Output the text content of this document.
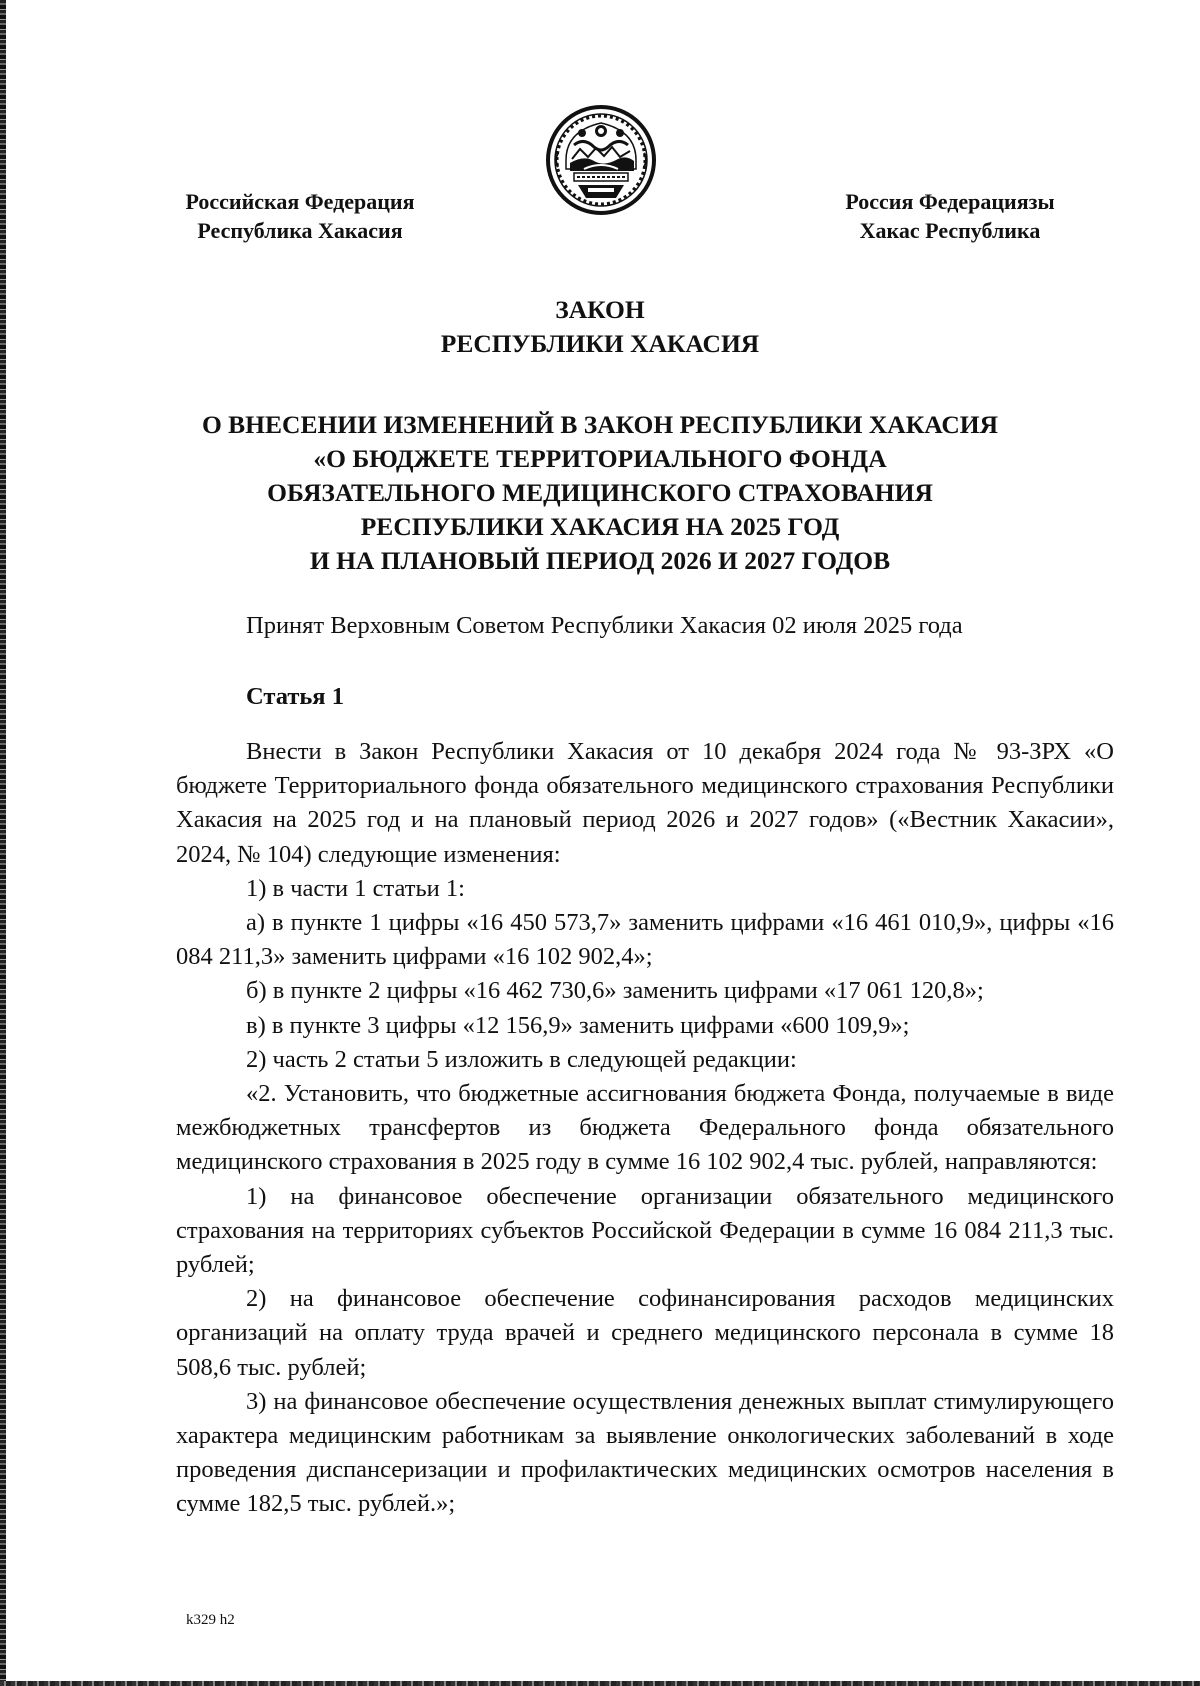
Российская Федерация
Республика Хакасия
Россия Федерациязы
Хакас Республика
ЗАКОН
РЕСПУБЛИКИ ХАКАСИЯ
О ВНЕСЕНИИ ИЗМЕНЕНИЙ В ЗАКОН РЕСПУБЛИКИ ХАКАСИЯ
«О БЮДЖЕТЕ ТЕРРИТОРИАЛЬНОГО ФОНДА
ОБЯЗАТЕЛЬНОГО МЕДИЦИНСКОГО СТРАХОВАНИЯ
РЕСПУБЛИКИ ХАКАСИЯ НА 2025 ГОД
И НА ПЛАНОВЫЙ ПЕРИОД 2026 И 2027 ГОДОВ
Принят Верховным Советом Республики Хакасия 02 июля 2025 года
Статья 1

Внести в Закон Республики Хакасия от 10 декабря 2024 года № 93-ЗРХ «О бюджете Территориального фонда обязательного медицинского страхования Республики Хакасия на 2025 год и на плановый период 2026 и 2027 годов» («Вестник Хакасии», 2024, № 104) следующие изменения:

1) в части 1 статьи 1:

а) в пункте 1 цифры «16 450 573,7» заменить цифрами «16 461 010,9», цифры «16 084 211,3» заменить цифрами «16 102 902,4»;

б) в пункте 2 цифры «16 462 730,6» заменить цифрами «17 061 120,8»;

в) в пункте 3 цифры «12 156,9» заменить цифрами «600 109,9»;

2) часть 2 статьи 5 изложить в следующей редакции:

«2. Установить, что бюджетные ассигнования бюджета Фонда, получаемые в виде межбюджетных трансфертов из бюджета Федерального фонда обязательного медицинского страхования в 2025 году в сумме 16 102 902,4 тыс. рублей, направляются:

1) на финансовое обеспечение организации обязательного медицинского страхования на территориях субъектов Российской Федерации в сумме 16 084 211,3 тыс. рублей;

2) на финансовое обеспечение софинансирования расходов медицинских организаций на оплату труда врачей и среднего медицинского персонала в сумме 18 508,6 тыс. рублей;

3) на финансовое обеспечение осуществления денежных выплат стимулирующего характера медицинским работникам за выявление онкологических заболеваний в ходе проведения диспансеризации и профилактических медицинских осмотров населения в сумме 182,5 тыс. рублей.»;

k329 h2
